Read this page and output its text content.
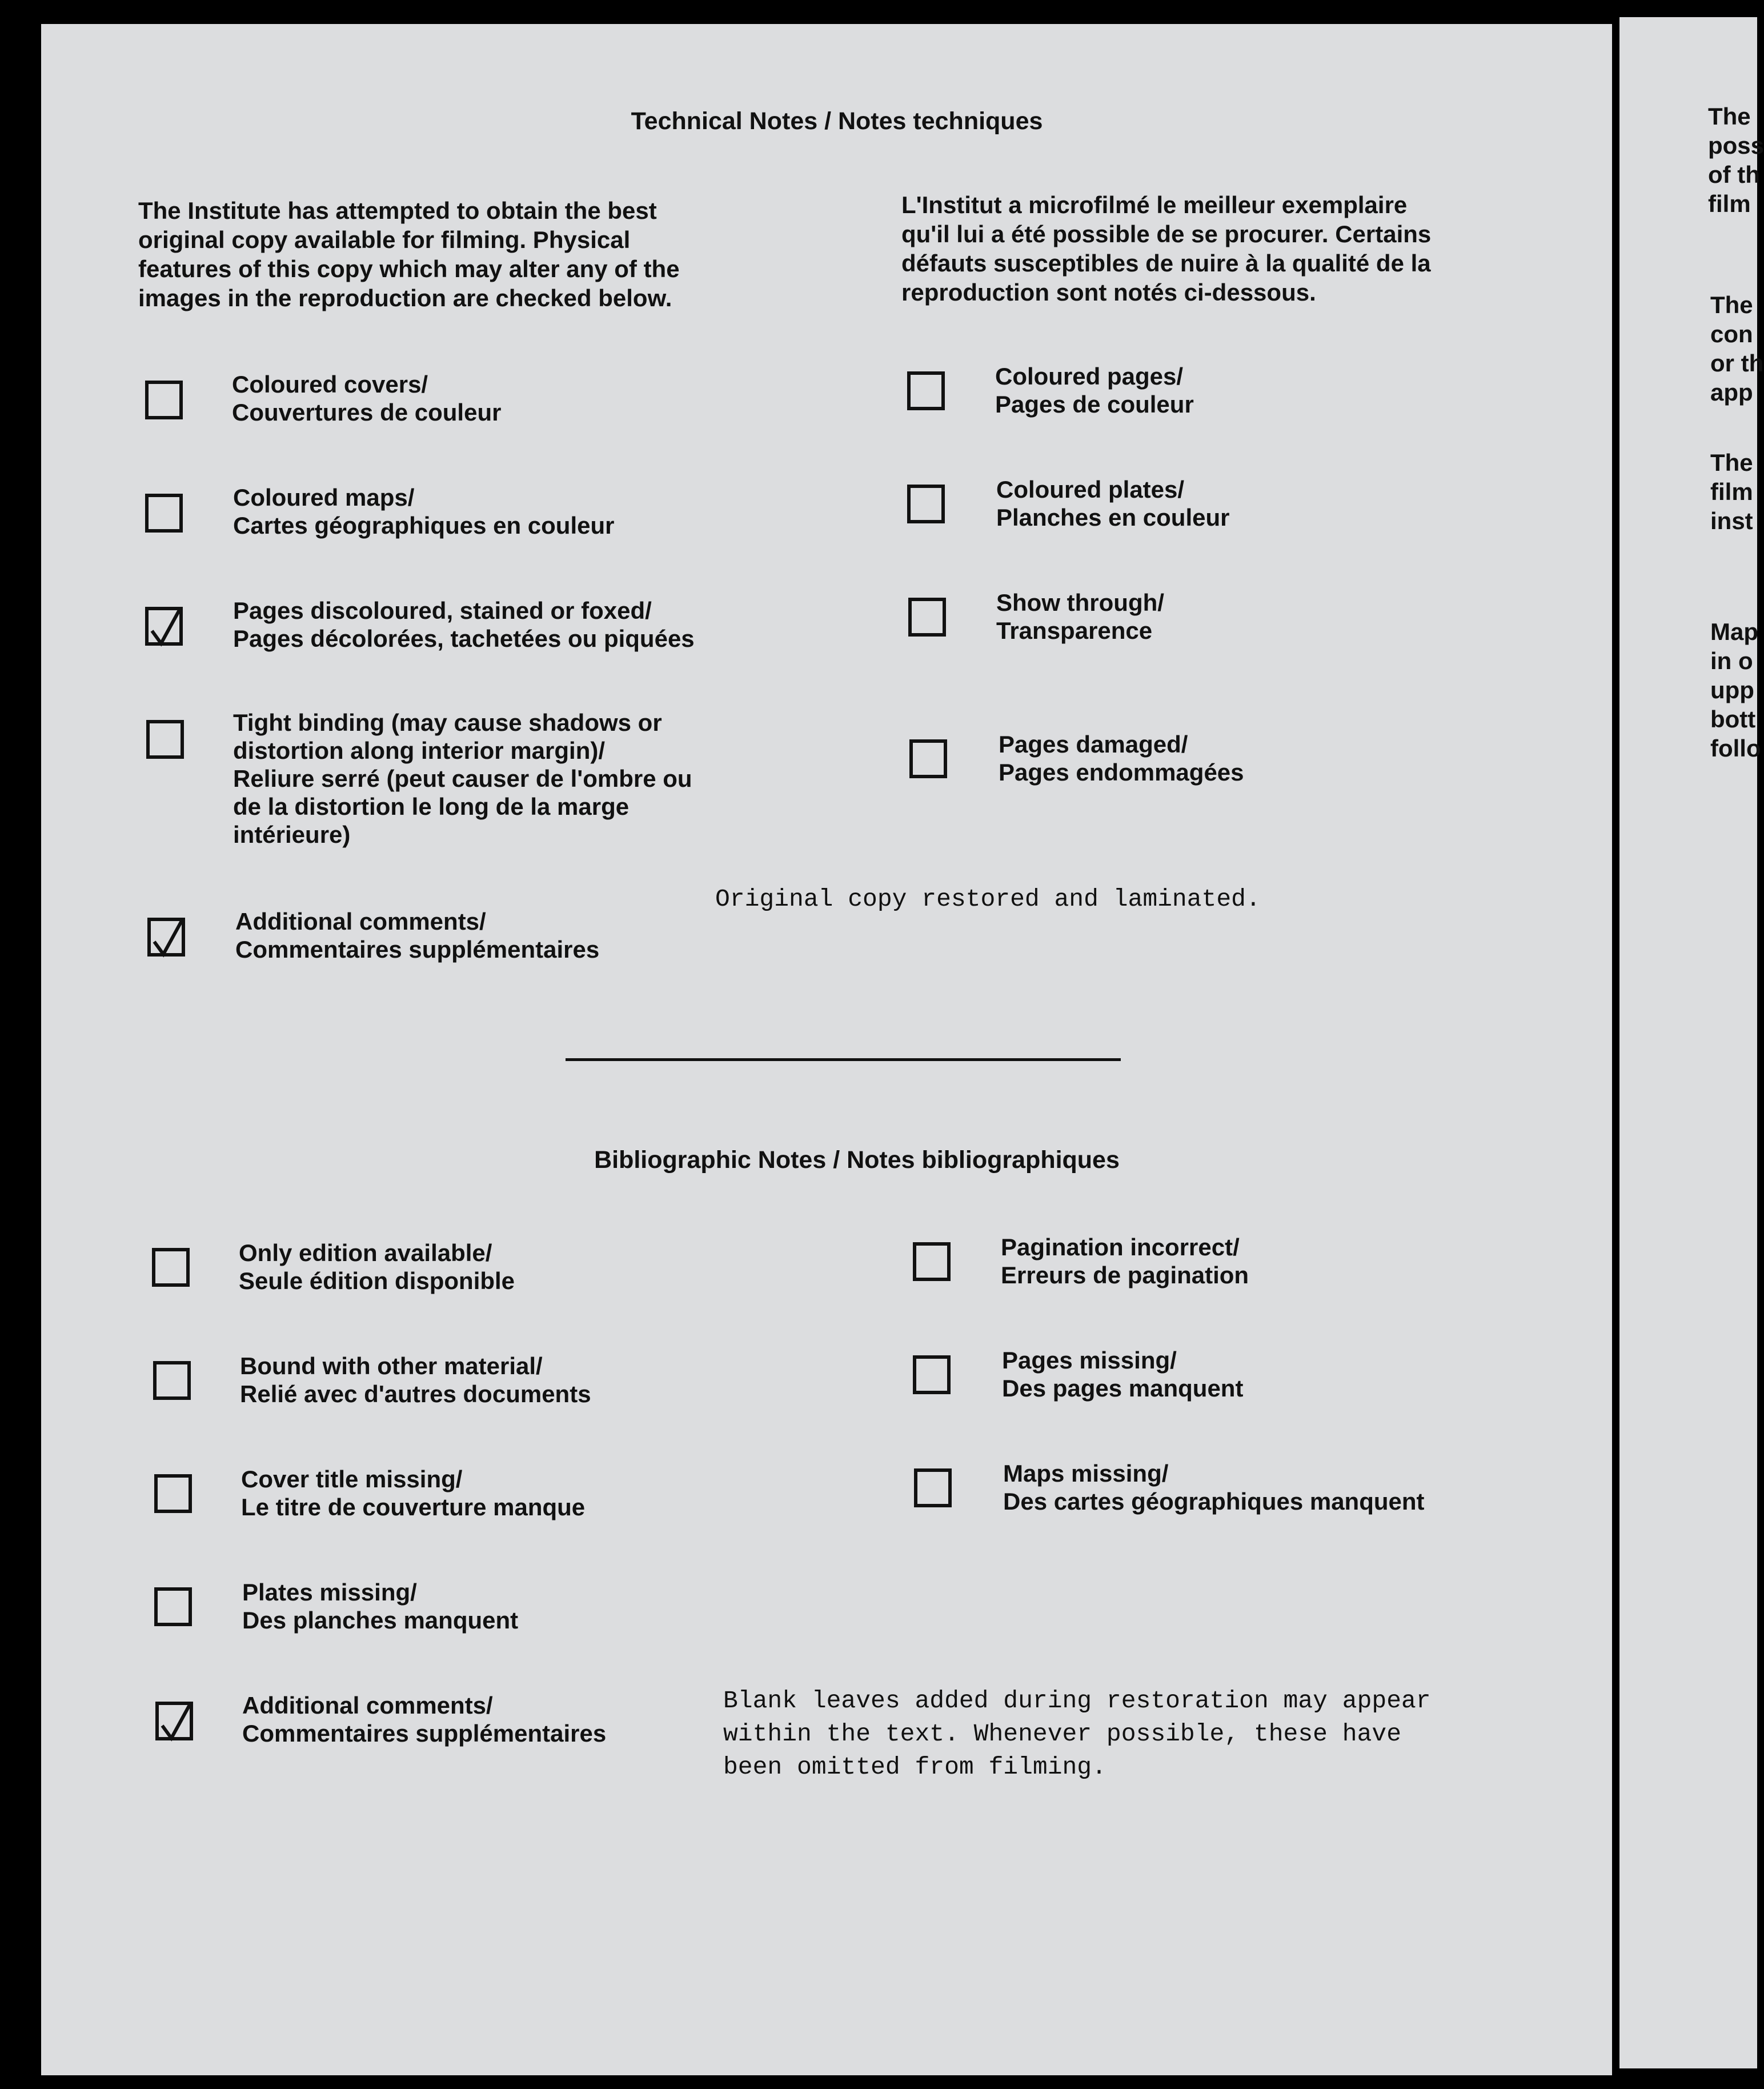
Technical Notes / Notes techniques
The Institute has attempted to obtain the best
original copy available for filming. Physical
features of this copy which may alter any of the
images in the reproduction are checked below.
L'Institut a microfilmé le meilleur exemplaire
qu'il lui a été possible de se procurer. Certains
défauts susceptibles de nuire à la qualité de la
reproduction sont notés ci-dessous.
Coloured covers/
Couvertures de couleur
Coloured maps/
Cartes géographiques en couleur
Pages discoloured, stained or foxed/
Pages décolorées, tachetées ou piquées
Tight binding (may cause shadows or
distortion along interior margin)/
Reliure serré (peut causer de l'ombre ou
de la distortion le long de la marge
intérieure)
Additional comments/
Commentaires supplémentaires
Coloured pages/
Pages de couleur
Coloured plates/
Planches en couleur
Show through/
Transparence
Pages damaged/
Pages endommagées
Original copy restored and laminated.
Bibliographic Notes / Notes bibliographiques
Only edition available/
Seule édition disponible
Bound with other material/
Relié avec d'autres documents
Cover title missing/
Le titre de couverture manque
Plates missing/
Des planches manquent
Additional comments/
Commentaires supplémentaires
Pagination incorrect/
Erreurs de pagination
Pages missing/
Des pages manquent
Maps missing/
Des cartes géographiques manquent
Blank leaves added during restoration may appear
within the text. Whenever possible, these have
been omitted from filming.
The
poss
of th
film
The
con
or th
app
The
film
inst
Map
in o
upp
bott
follo
